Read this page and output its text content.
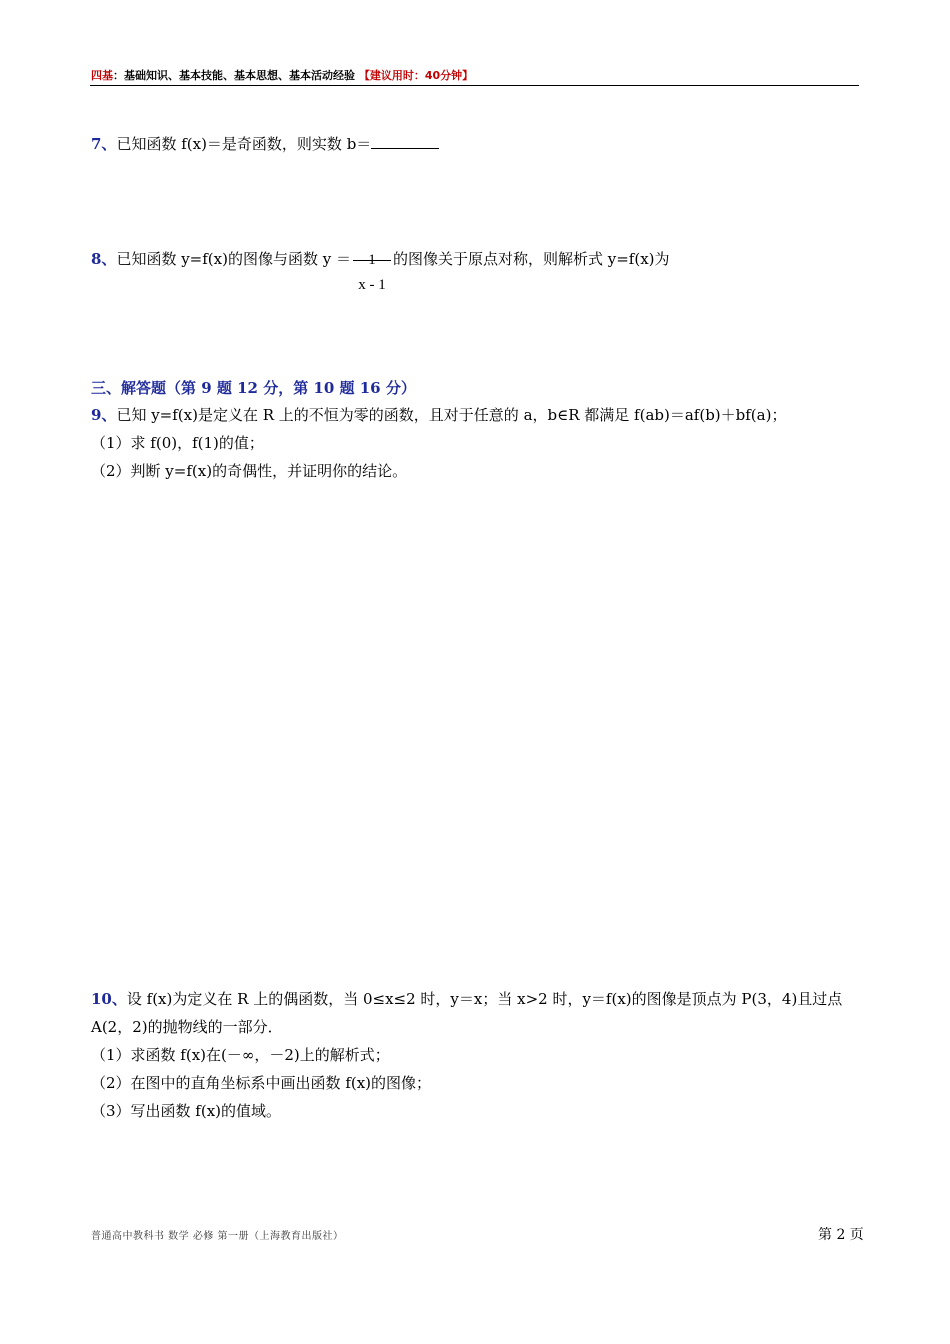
四基：基础知识、基本技能、基本思想、基本活动经验 【建议用时：40分钟】
7、已知函数 f(x)＝是奇函数，则实数 b＝
8、已知函数 y=f(x)的图像与函数 y ＝	1
x - 1
的图像关于原点对称，则解析式 y=f(x)为
三、解答题（第 9 题 12 分，第 10 题 16 分）
9、已知 y=f(x)是定义在 R 上的不恒为零的函数，且对于任意的 a，b∈R 都满足 f(ab)＝af(b)＋bf(a)；
（1）求 f(0)，f(1)的值；
（2）判断 y=f(x)的奇偶性，并证明你的结论。
10、设 f(x)为定义在 R 上的偶函数，当 0≤x≤2 时，y＝x；当 x>2 时，y＝f(x)的图像是顶点为 P(3，4)且过点
A(2，2)的抛物线的一部分．
（1）求函数 f(x)在(－∞，－2)上的解析式；
（2）在图中的直角坐标系中画出函数 f(x)的图像；
（3）写出函数 f(x)的值域。
普通高中教科书 数学 必修 第一册（上海教育出版社）	第 2 页
